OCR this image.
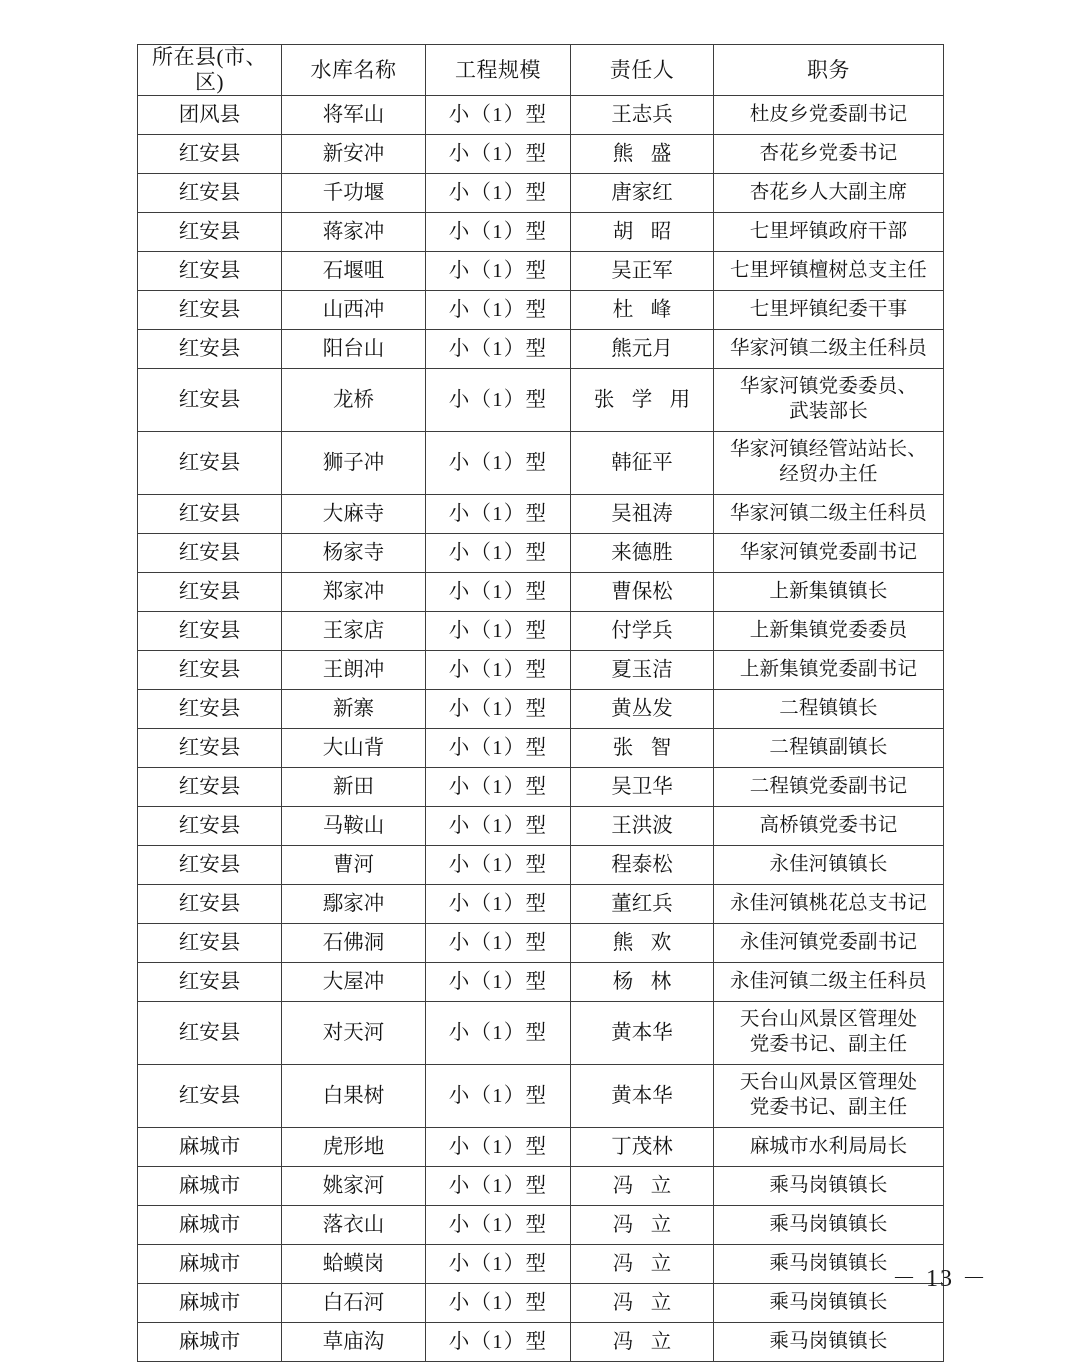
所在县(市、区)	水库名称	工程规模	责任人	职务
团风县	将军山	小（1）型	王志兵	杜皮乡党委副书记

红安县	新安冲	小（1）型	熊盛	杏花乡党委书记

红安县	千功堰	小（1）型	唐家红	杏花乡人大副主席

红安县	蒋家冲	小（1）型	胡昭	七里坪镇政府干部

红安县	石堰咀	小（1）型	吴正军	七里坪镇檀树总支主任

红安县	山西冲	小（1）型	杜峰	七里坪镇纪委干事

红安县	阳台山	小（1）型	熊元月	华家河镇二级主任科员

红安县	龙桥	小（1）型	张学用	华家河镇党委委员、
武装部长

红安县	狮子冲	小（1）型	韩征平	华家河镇经管站站长、
经贸办主任

红安县	大麻寺	小（1）型	吴祖涛	华家河镇二级主任科员

红安县	杨家寺	小（1）型	来德胜	华家河镇党委副书记

红安县	郑家冲	小（1）型	曹保松	上新集镇镇长

红安县	王家店	小（1）型	付学兵	上新集镇党委委员

红安县	王朗冲	小（1）型	夏玉洁	上新集镇党委副书记

红安县	新寨	小（1）型	黄丛发	二程镇镇长

红安县	大山背	小（1）型	张智	二程镇副镇长

红安县	新田	小（1）型	吴卫华	二程镇党委副书记

红安县	马鞍山	小（1）型	王洪波	高桥镇党委书记

红安县	曹河	小（1）型	程泰松	永佳河镇镇长

红安县	鄢家冲	小（1）型	董红兵	永佳河镇桃花总支书记

红安县	石佛洞	小（1）型	熊欢	永佳河镇党委副书记

红安县	大屋冲	小（1）型	杨林	永佳河镇二级主任科员

红安县	对天河	小（1）型	黄本华	天台山风景区管理处
党委书记、副主任

红安县	白果树	小（1）型	黄本华	天台山风景区管理处
党委书记、副主任

麻城市	虎形地	小（1）型	丁茂林	麻城市水利局局长

麻城市	姚家河	小（1）型	冯立	乘马岗镇镇长

麻城市	落衣山	小（1）型	冯立	乘马岗镇镇长

麻城市	蛤蟆岗	小（1）型	冯立	乘马岗镇镇长

麻城市	白石河	小（1）型	冯立	乘马岗镇镇长

麻城市	草庙沟	小（1）型	冯立	乘马岗镇镇长
－ 13 －
